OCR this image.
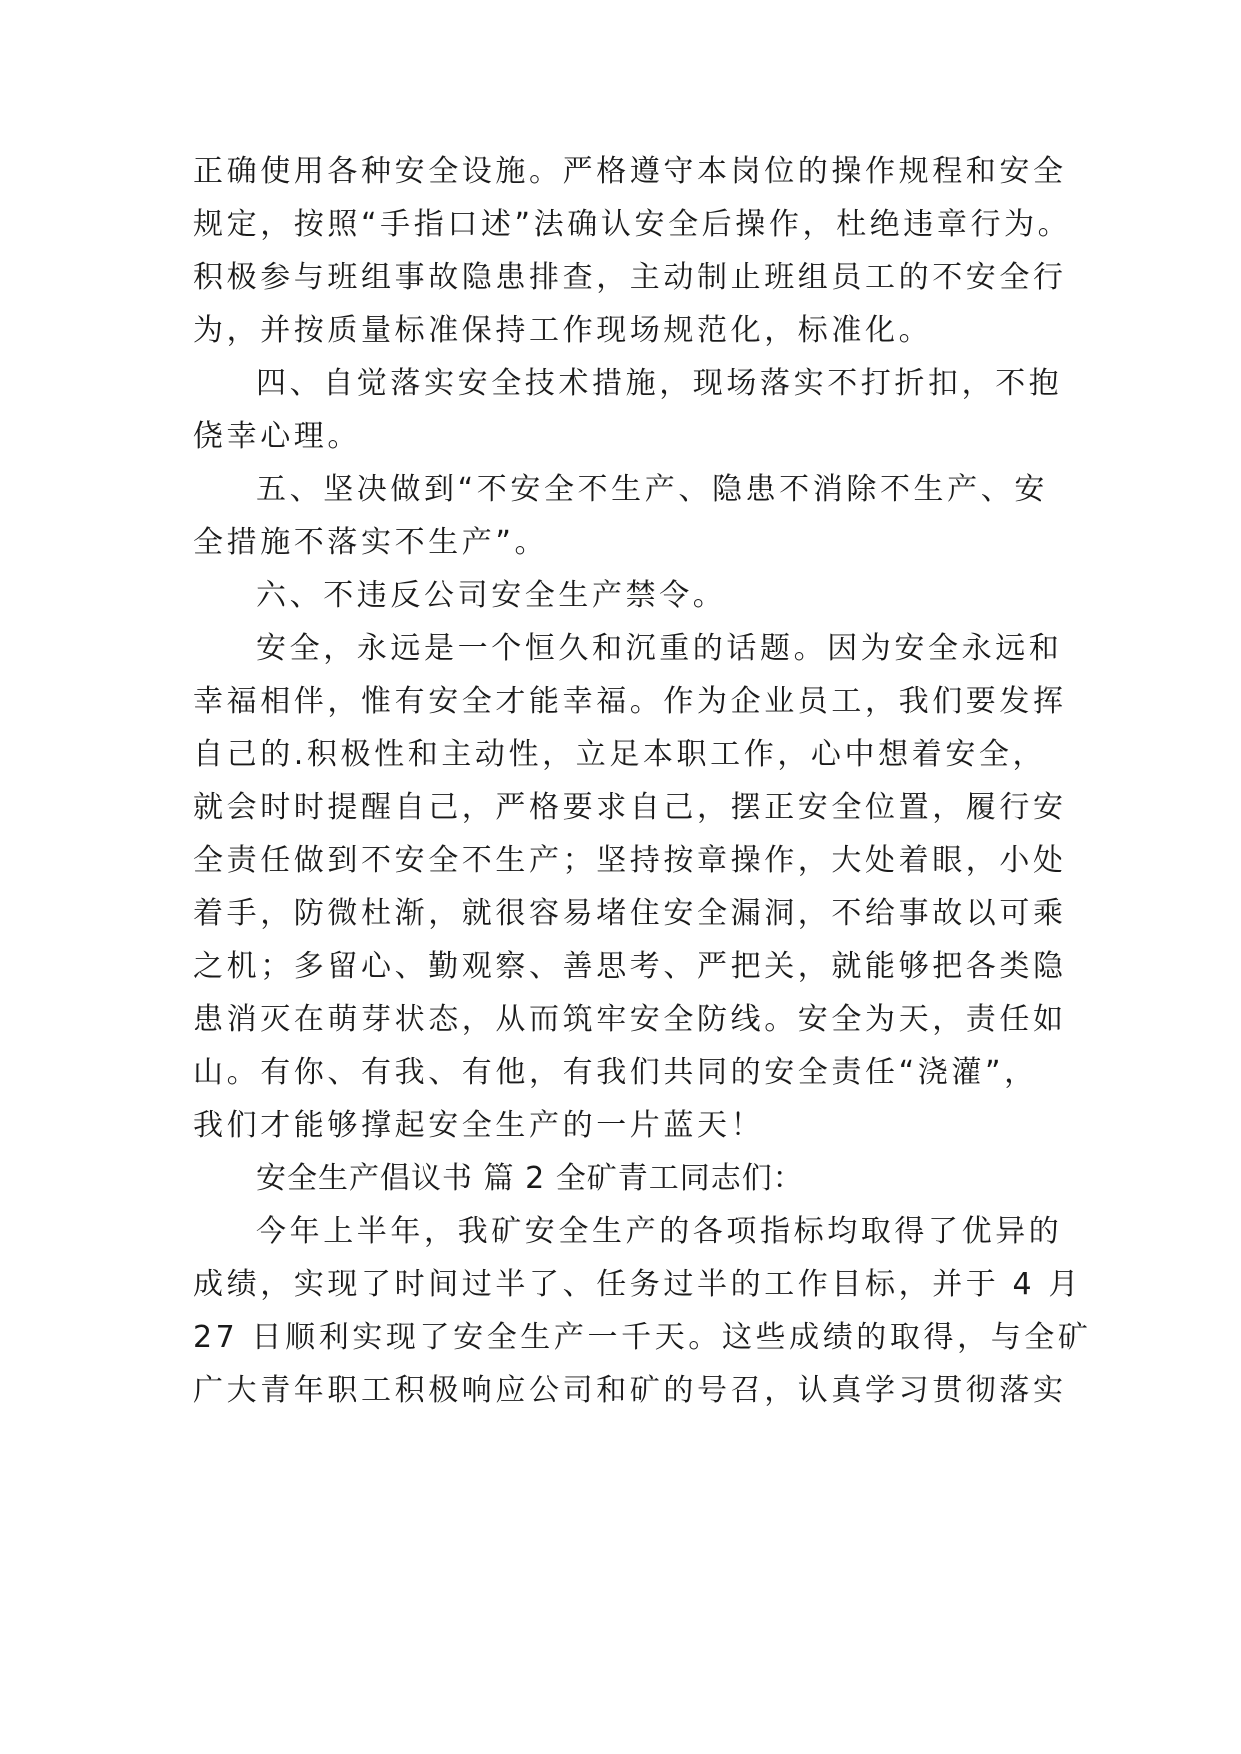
正确使用各种安全设施。严格遵守本岗位的操作规程和安全
规定，按照“手指口述”法确认安全后操作，杜绝违章行为。
积极参与班组事故隐患排查，主动制止班组员工的不安全行
为，并按质量标准保持工作现场规范化，标准化。
四、自觉落实安全技术措施，现场落实不打折扣，不抱
侥幸心理。
五、坚决做到“不安全不生产、隐患不消除不生产、安
全措施不落实不生产”。
六、不违反公司安全生产禁令。
安全，永远是一个恒久和沉重的话题。因为安全永远和
幸福相伴，惟有安全才能幸福。作为企业员工，我们要发挥
自己的.积极性和主动性，立足本职工作，心中想着安全，
就会时时提醒自己，严格要求自己，摆正安全位置，履行安
全责任做到不安全不生产；坚持按章操作，大处着眼，小处
着手，防微杜渐，就很容易堵住安全漏洞，不给事故以可乘
之机；多留心、勤观察、善思考、严把关，就能够把各类隐
患消灭在萌芽状态，从而筑牢安全防线。安全为天，责任如
山。有你、有我、有他，有我们共同的安全责任“浇灌”，
我们才能够撑起安全生产的一片蓝天！
安全生产倡议书 篇 2 全矿青工同志们：
今年上半年，我矿安全生产的各项指标均取得了优异的
成绩，实现了时间过半了、任务过半的工作目标，并于 4 月
27 日顺利实现了安全生产一千天。这些成绩的取得，与全矿
广大青年职工积极响应公司和矿的号召，认真学习贯彻落实
